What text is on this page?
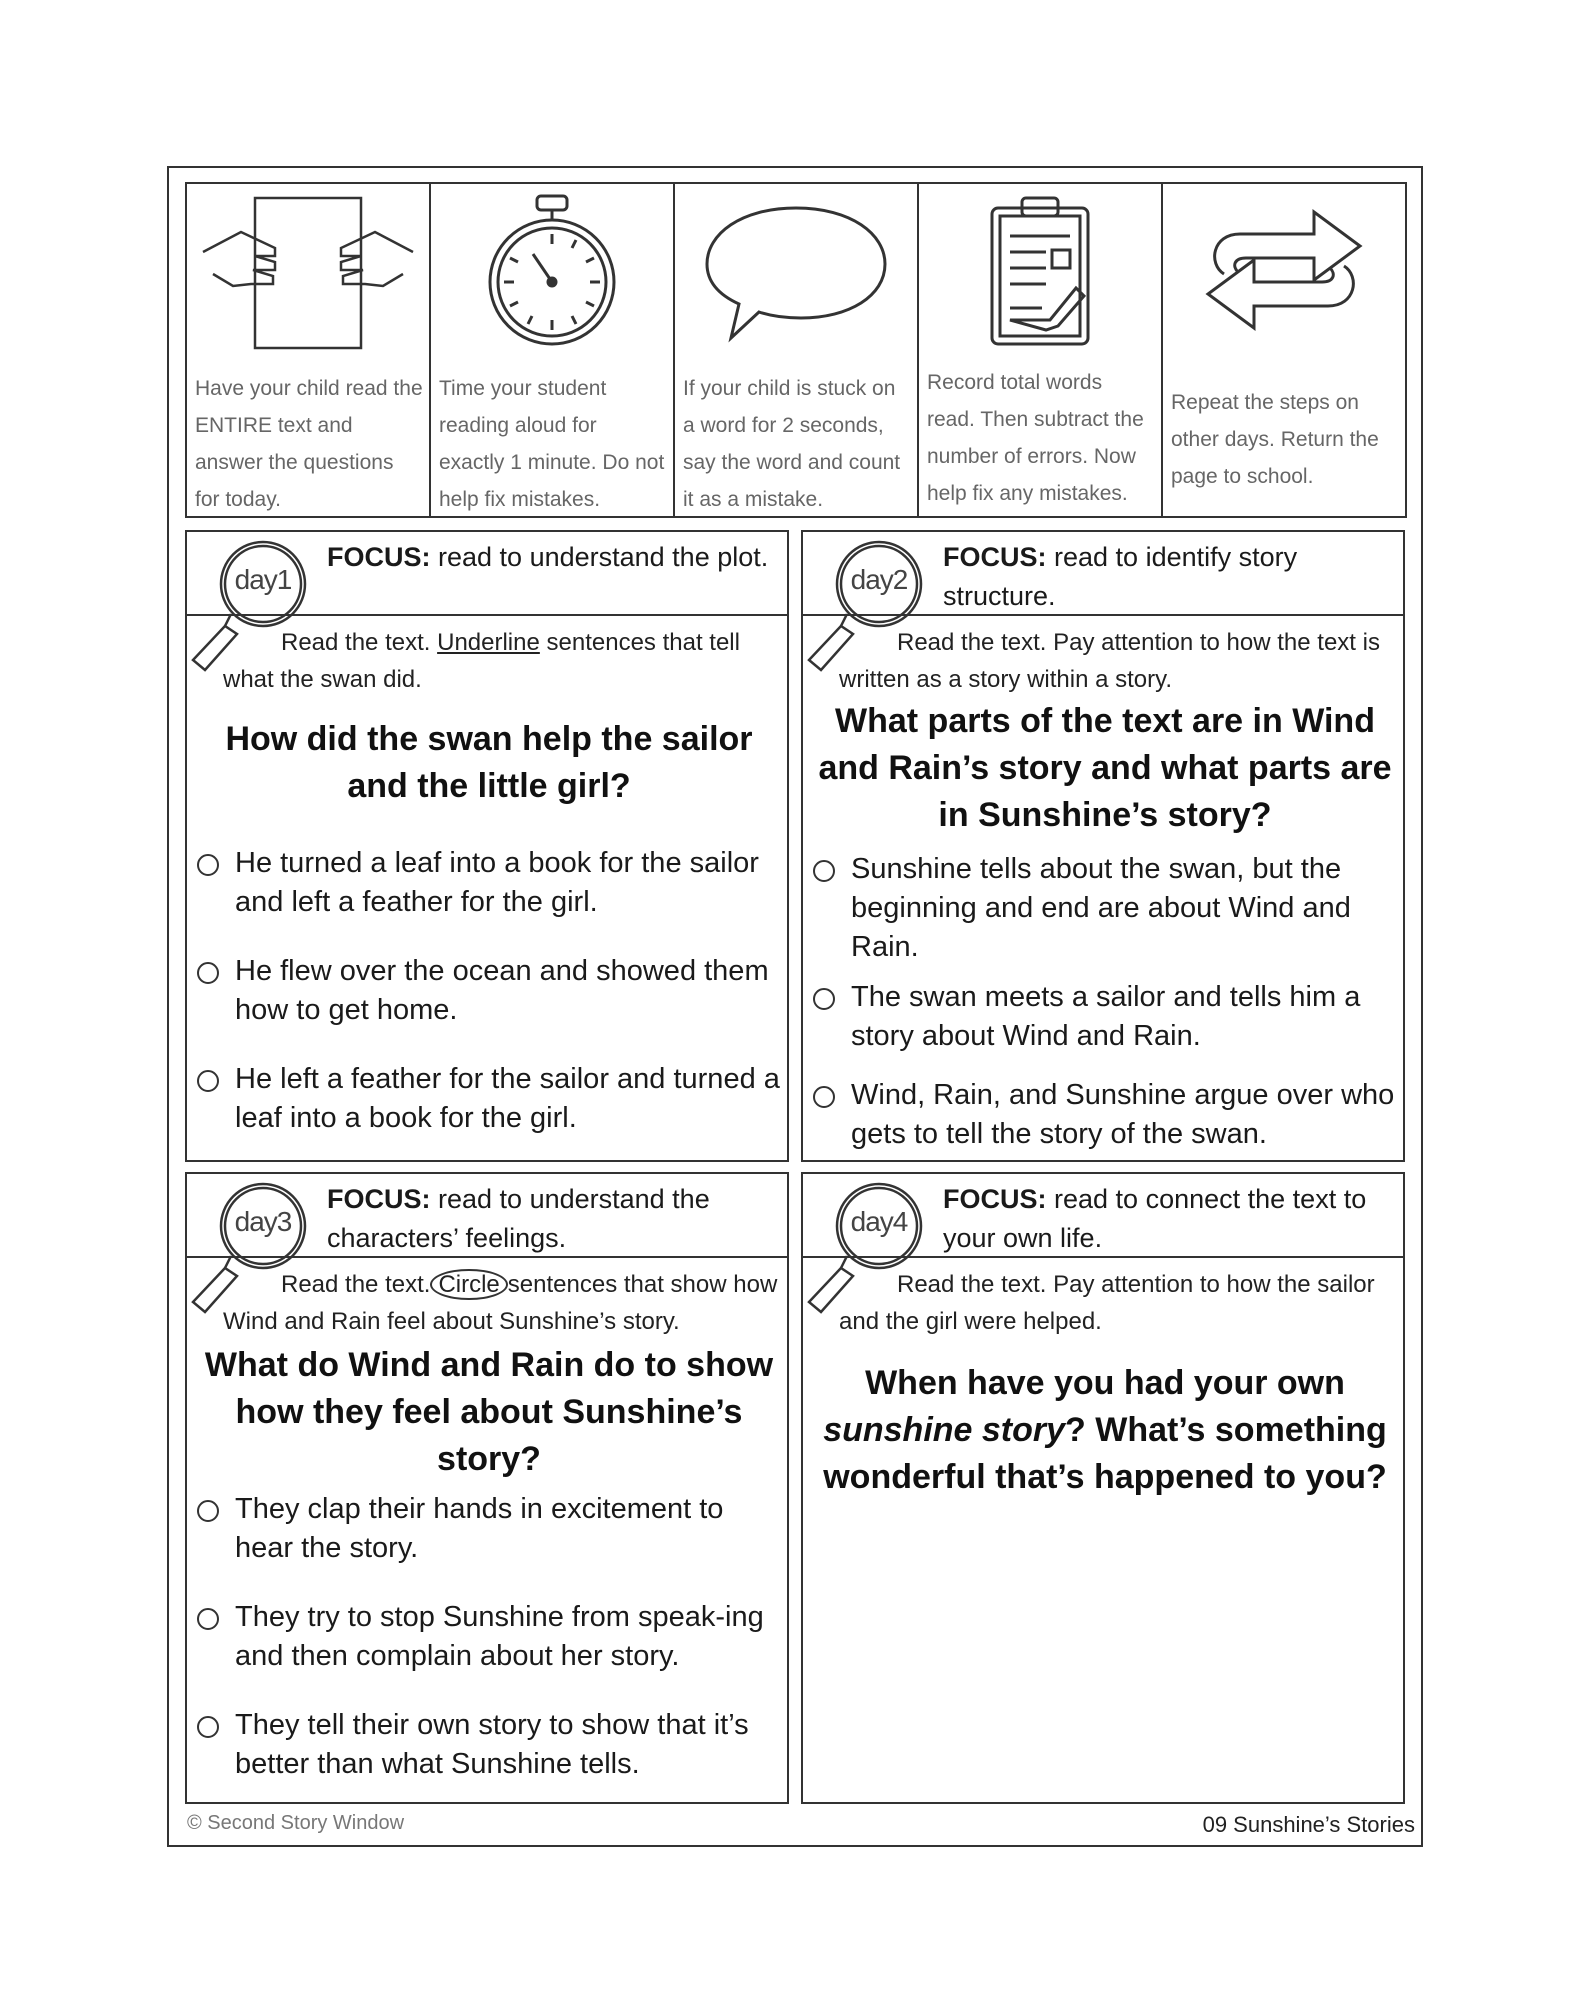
Have your child read the ENTIRE text and answer the questions for today.
Time your student reading aloud for exactly 1 minute. Do not help fix mistakes.
If your child is stuck on a word for 2 seconds, say the word and count it as a mistake.
Record total words read. Then subtract the number of errors. Now help fix any mistakes.
Repeat the steps on other days. Return the page to school.
day1
FOCUS: read to understand the plot.
Read the text. Underline sentences that tell what the swan did.
How did the swan help the sailor and the little girl?
He turned a leaf into a book for the sailor and left a feather for the girl.
He flew over the ocean and showed them how to get home.
He left a feather for the sailor and turned a leaf into a book for the girl.
day2
FOCUS: read to identify story structure.
Read the text. Pay attention to how the text is written as a story within a story.
What parts of the text are in Wind and Rain’s story and what parts are in Sunshine’s story?
Sunshine tells about the swan, but the beginning and end are about Wind and Rain.
The swan meets a sailor and tells him a story about Wind and Rain.
Wind, Rain, and Sunshine argue over who gets to tell the story of the swan.
day3
FOCUS: read to understand the characters’ feelings.
Read the text. Circle sentences that show how Wind and Rain feel about Sunshine’s story.
What do Wind and Rain do to show how they feel about Sunshine’s story?
They clap their hands in excitement to hear the story.
They try to stop Sunshine from speak-ing and then complain about her story.
They tell their own story to show that it’s better than what Sunshine tells.
day4
FOCUS: read to connect the text to your own life.
Read the text. Pay attention to how the sailor and the girl were helped.
When have you had your own sunshine story? What’s something wonderful that’s happened to you?
© Second Story Window	09 Sunshine’s Stories
